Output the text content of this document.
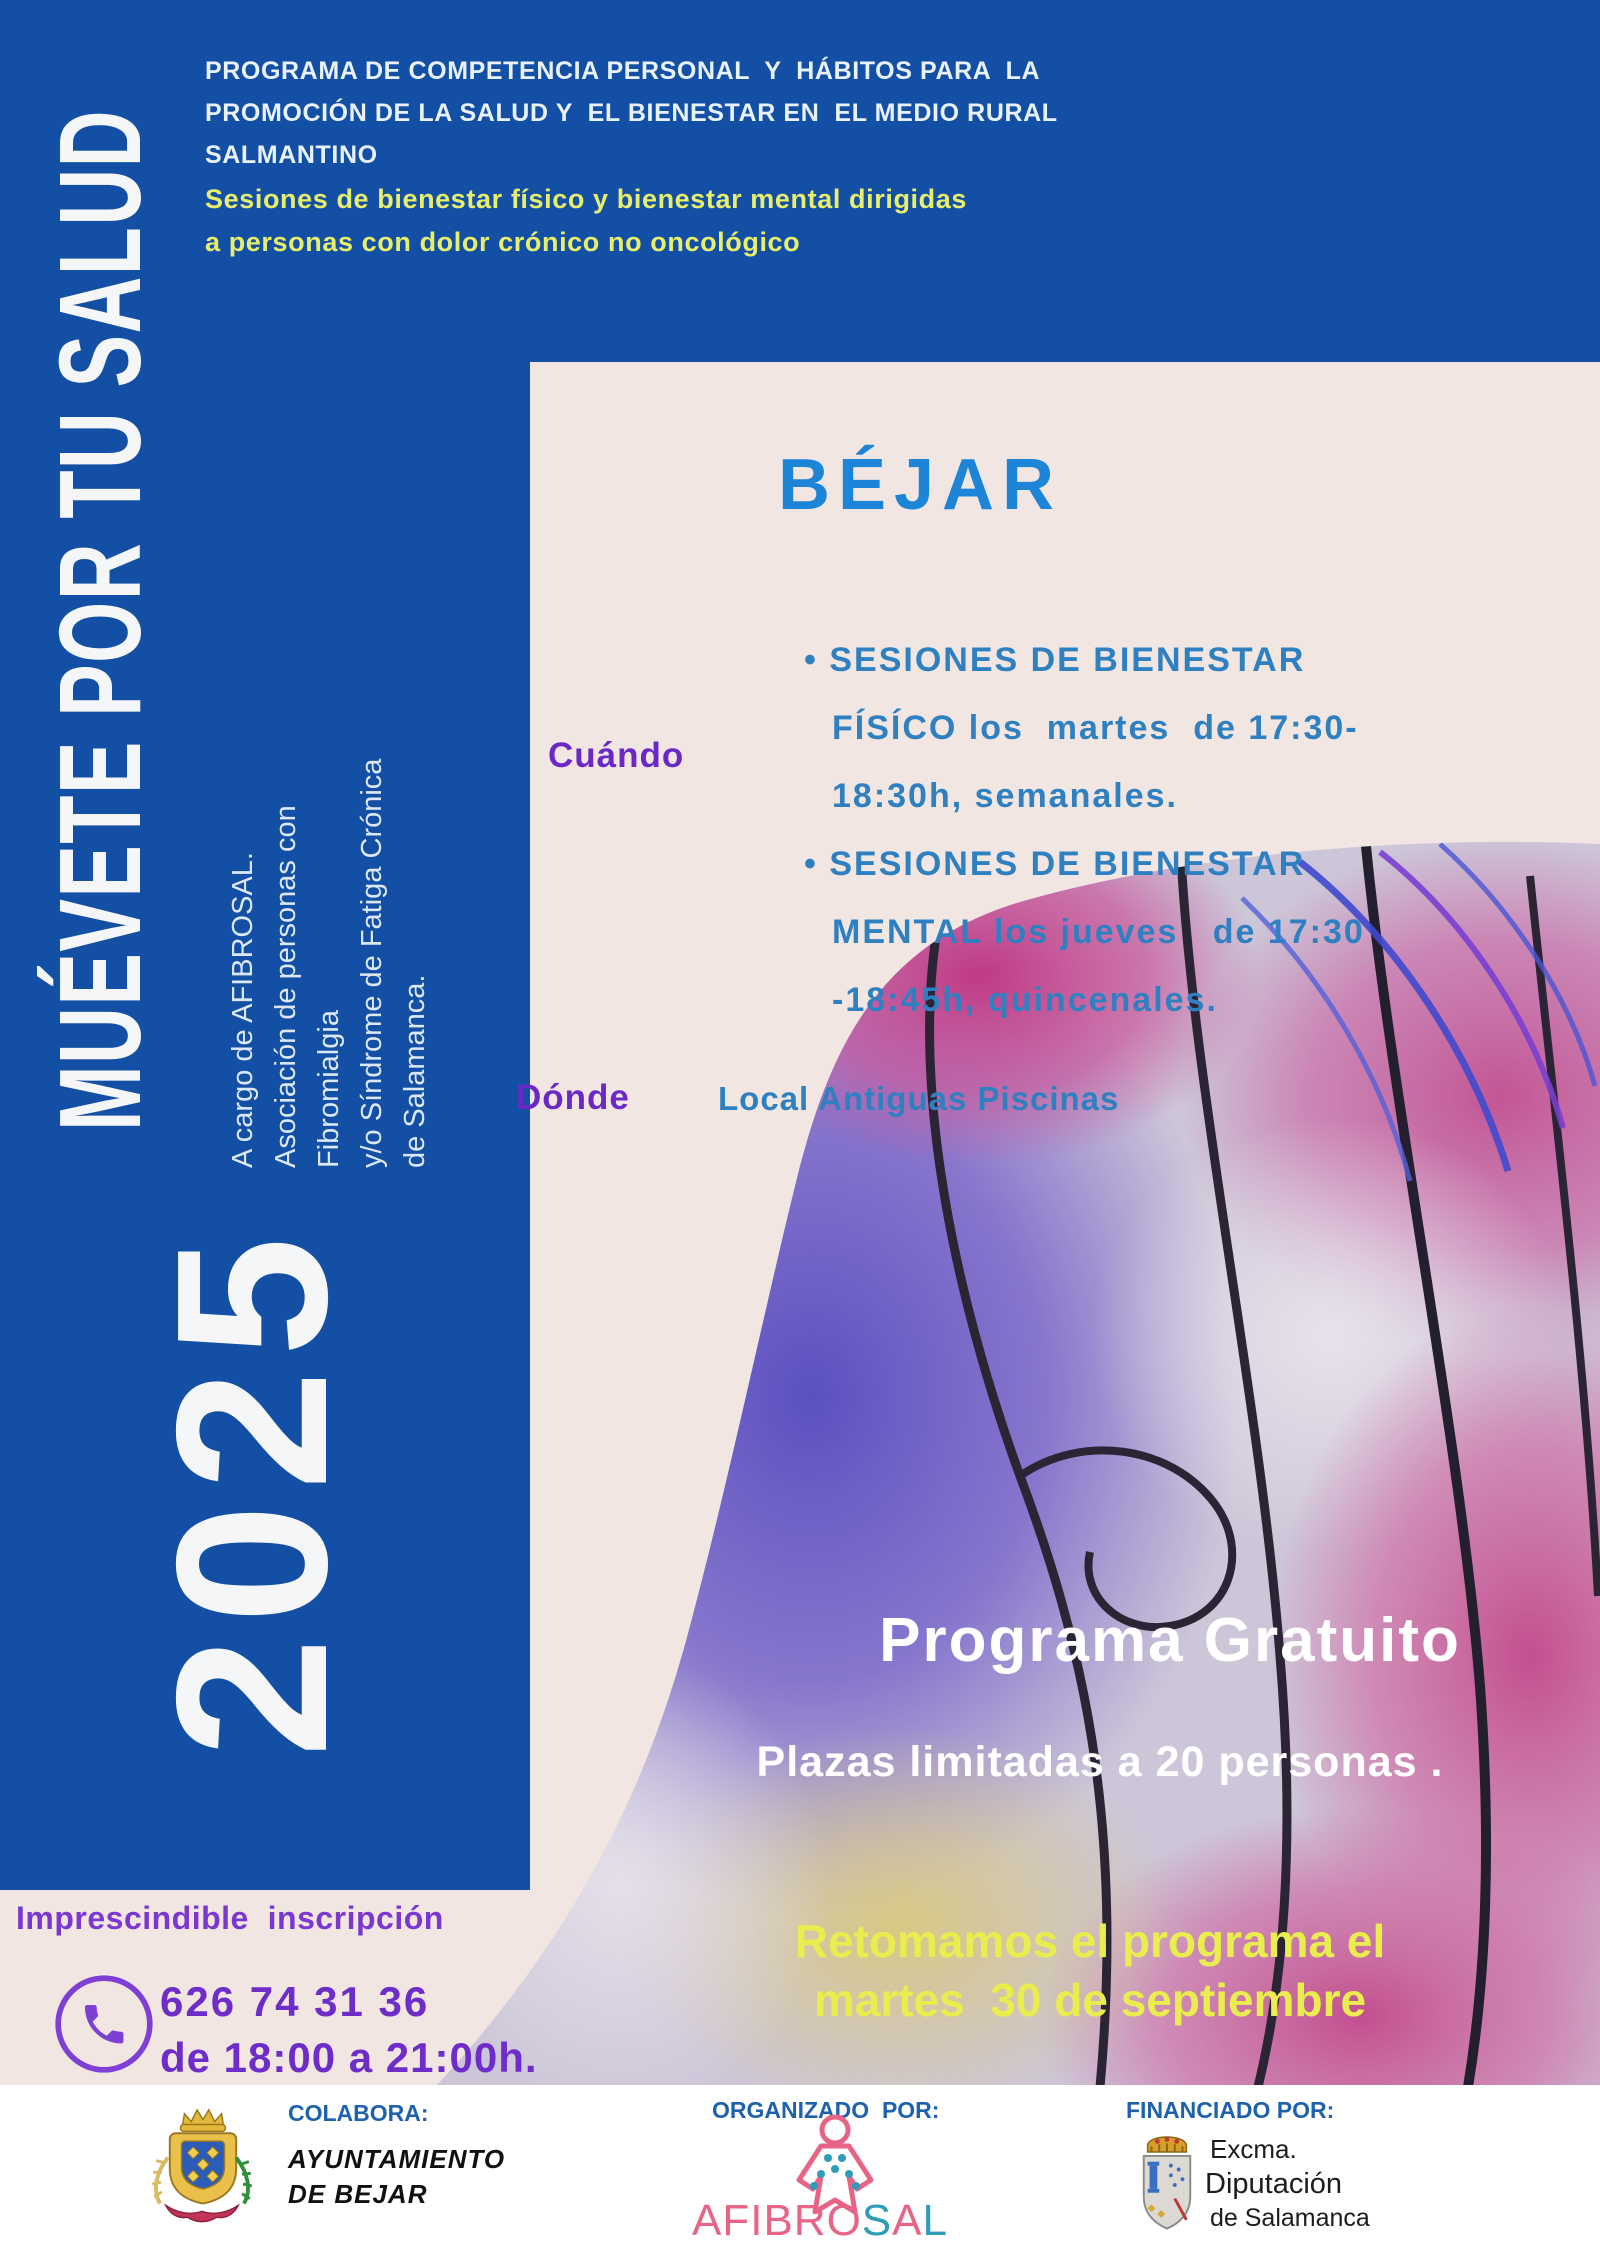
MUÉVETE POR TU SALUD
2025
A cargo de AFIBROSAL. Asociación de personas con Fibromialgia y/o Síndrome de Fatiga Crónica de Salamanca.
PROGRAMA DE COMPETENCIA PERSONAL  Y  HÁBITOS PARA  LA
PROMOCIÓN DE LA SALUD Y  EL BIENESTAR EN  EL MEDIO RURAL
SALMANTINO
Sesiones de bienestar físico y bienestar mental dirigidas
a personas con dolor crónico no oncológico
BÉJAR
Cuándo
• SESIONES DE BIENESTAR
FÍSÍCO los  martes  de 17:30-
18:30h, semanales.
• SESIONES DE BIENESTAR
MENTAL los jueves   de 17:30
-18:45h, quincenales.
Dónde	Local Antiguas Piscinas
Programa Gratuito
Plazas limitadas a 20 personas .
Retomamos el programa el
martes  30 de septiembre
Imprescindible  inscripción
626 74 31 36
de 18:00 a 21:00h.
COLABORA:
AYUNTAMIENTO
DE BEJAR
ORGANIZADO  POR:
AFIBROSAL
FINANCIADO POR:
Excma.
Diputación
de Salamanca
